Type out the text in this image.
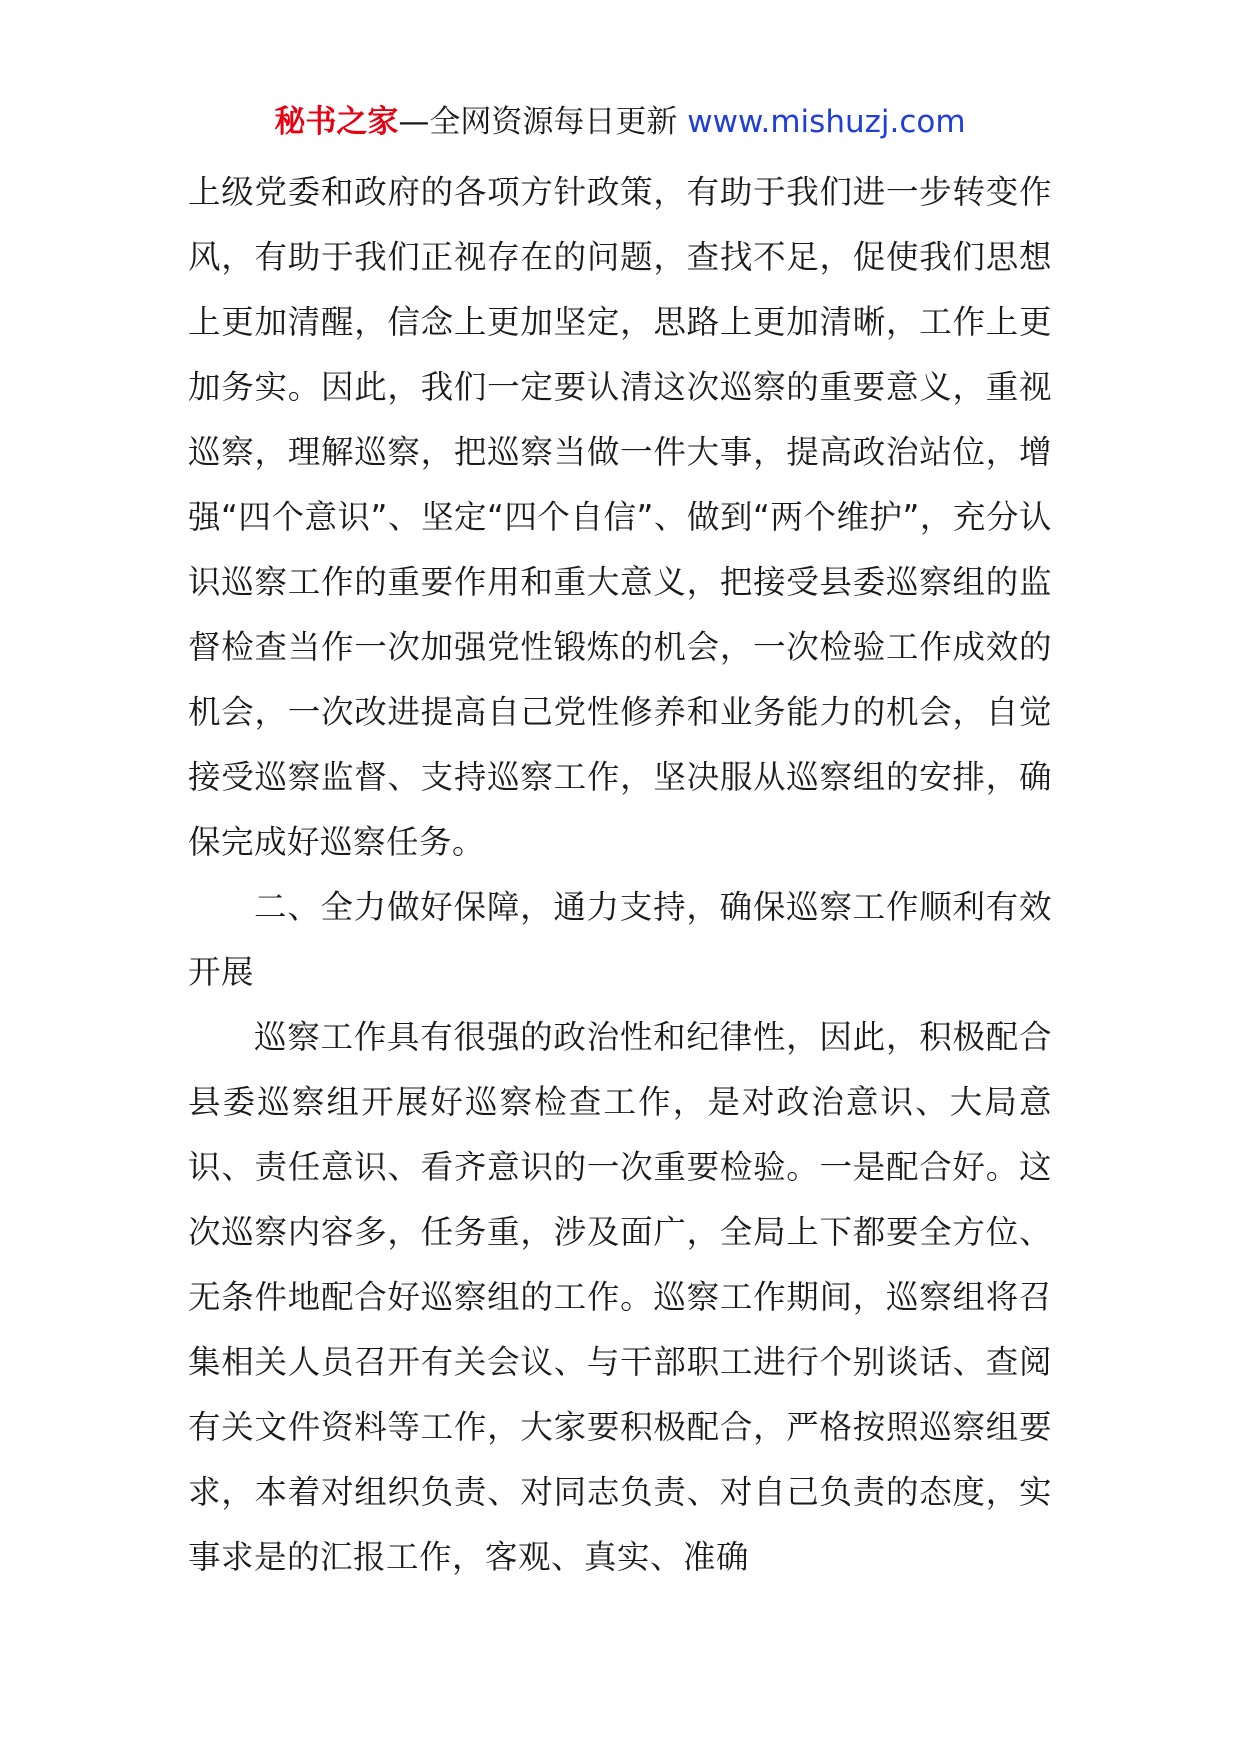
秘书之家—全网资源每日更新 www.mishuzj.com

上级党委和政府的各项方针政策，有助于我们进一步转变作风，有助于我们正视存在的问题，查找不足，促使我们思想上更加清醒，信念上更加坚定，思路上更加清晰，工作上更加务实。因此，我们一定要认清这次巡察的重要意义，重视巡察，理解巡察，把巡察当做一件大事，提高政治站位，增强“四个意识”、坚定“四个自信”、做到“两个维护”，充分认识巡察工作的重要作用和重大意义，把接受县委巡察组的监督检查当作一次加强党性锻炼的机会，一次检验工作成效的机会，一次改进提高自己党性修养和业务能力的机会，自觉接受巡察监督、支持巡察工作，坚决服从巡察组的安排，确保完成好巡察任务。

二、全力做好保障，通力支持，确保巡察工作顺利有效开展

巡察工作具有很强的政治性和纪律性，因此，积极配合县委巡察组开展好巡察检查工作，是对政治意识、大局意识、责任意识、看齐意识的一次重要检验。一是配合好。这次巡察内容多，任务重，涉及面广，全局上下都要全方位、无条件地配合好巡察组的工作。巡察工作期间，巡察组将召集相关人员召开有关会议、与干部职工进行个别谈话、查阅有关文件资料等工作，大家要积极配合，严格按照巡察组要求，本着对组织负责、对同志负责、对自己负责的态度，实事求是的汇报工作，客观、真实、准确
